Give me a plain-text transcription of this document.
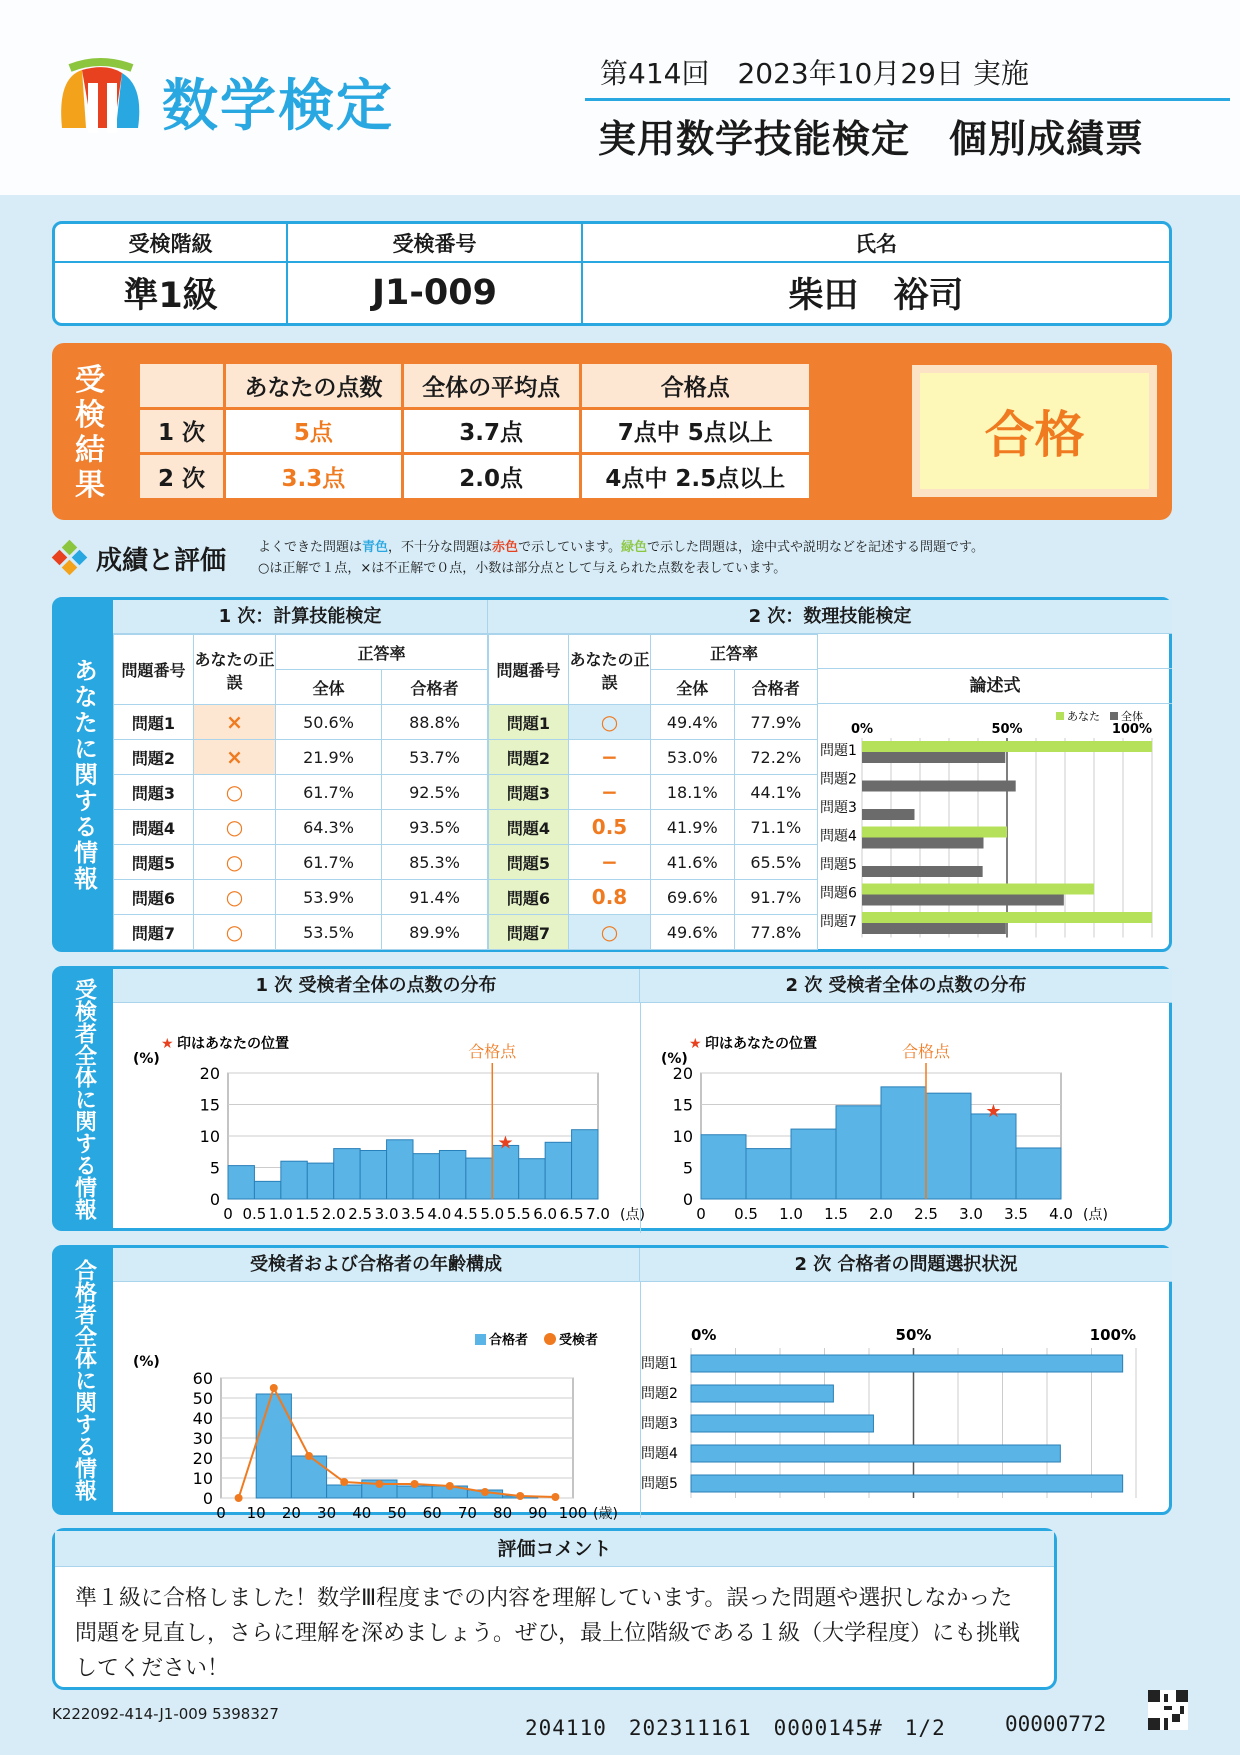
数学検定
第414回　2023年10月29日 実施
実用数学技能検定　個別成績票
受検階級	受検番号	氏名
準1級	J1-009	柴田　裕司
受検結果
	あなたの点数	全体の平均点	合格点
1 次	5点	3.7点	7点中 5点以上
2 次	3.3点	2.0点	4点中 2.5点以上
合格
成績と評価 よくできた問題は青色，不十分な問題は赤色で示しています。緑色で示した問題は，途中式や説明などを記述する問題です。
○は正解で１点，×は不正解で０点，小数は部分点として与えられた点数を表しています。
あなたに関する情報
1 次：計算技能検定	2 次：数理技能検定
問題番号	あなたの正誤	正答率	
		全体	合格者
問題1	×	50.6%	88.8%
問題2	×	21.9%	53.7%
問題3	○	61.7%	92.5%
問題4	○	64.3%	93.5%
問題5	○	61.7%	85.3%
問題6	○	53.9%	91.4%
問題7	○	53.5%	89.9%
問題番号	あなたの正誤	正答率	
		全体	合格者
問題1	○	49.4%	77.9%
問題2	−	53.0%	72.2%
問題3	−	18.1%	44.1%
問題4	0.5	41.9%	71.1%
問題5	−	41.6%	65.5%
問題6	0.8	69.6%	91.7%
問題7	○	49.6%	77.8%
論述式
あなた 全体
0%	50%	100%
問題1
問題2
問題3
問題4
問題5
問題6
問題7
受検者全体に関する情報	1 次 受検者全体の点数の分布	2 次 受検者全体の点数の分布
(%)
★ 印はあなたの位置
0
5
10
15
20
0 0.5 1.0 1.5 2.0 2.5 3.0 3.5 4.0 4.5 5.0 5.5 6.0 6.5 7.0 (点)
合格点
★
(%)
★ 印はあなたの位置
0
5
10
15
20
0 0.5 1.0 1.5 2.0 2.5 3.0 3.5 4.0 (点)
合格点
★
合格者全体に関する情報	受検者および合格者の年齢構成	2 次 合格者の問題選択状況
(%)
合格者 受検者
0
10
20
30
40
50
60
0 10 20 30 40 50 60 70 80 90 100 (歳)
0%	50%	100%
問題1
問題2
問題3
問題4
問題5
評価コメント
準１級に合格しました！数学Ⅲ程度までの内容を理解しています。誤った問題や選択しなかった問題を見直し，さらに理解を深めましょう。ぜひ，最上位階級である１級（大学程度）にも挑戦してください！
K222092-414-J1-009 5398327
204110　202311161　0000145#　1/2	00000772
